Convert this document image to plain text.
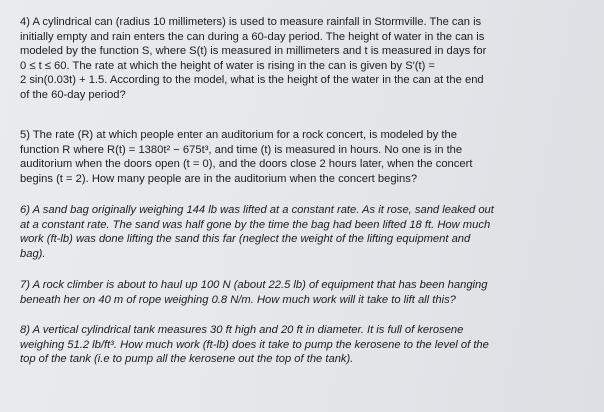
4) A cylindrical can (radius 10 millimeters) is used to measure rainfall in Stormville. The can is
initially empty and rain enters the can during a 60-day period. The height of water in the can is
modeled by the function S, where S(t) is measured in millimeters and t is measured in days for
0 ≤ t ≤ 60. The rate at which the height of water is rising in the can is given by S′(t) =
2 sin(0.03t) + 1.5. According to the model, what is the height of the water in the can at the end
of the 60-day period?
5) The rate (R) at which people enter an auditorium for a rock concert, is modeled by the
function R where R(t) = 1380t² − 675t³, and time (t) is measured in hours. No one is in the
auditorium when the doors open (t = 0), and the doors close 2 hours later, when the concert
begins (t = 2). How many people are in the auditorium when the concert begins?
6) A sand bag originally weighing 144 lb was lifted at a constant rate. As it rose, sand leaked out
at a constant rate. The sand was half gone by the time the bag had been lifted 18 ft. How much
work (ft-lb) was done lifting the sand this far (neglect the weight of the lifting equipment and
bag).
7) A rock climber is about to haul up 100 N (about 22.5 lb) of equipment that has been hanging
beneath her on 40 m of rope weighing 0.8 N/m. How much work will it take to lift all this?
8) A vertical cylindrical tank measures 30 ft high and 20 ft in diameter. It is full of kerosene
weighing 51.2 lb/ft³. How much work (ft-lb) does it take to pump the kerosene to the level of the
top of the tank (i.e to pump all the kerosene out the top of the tank).
